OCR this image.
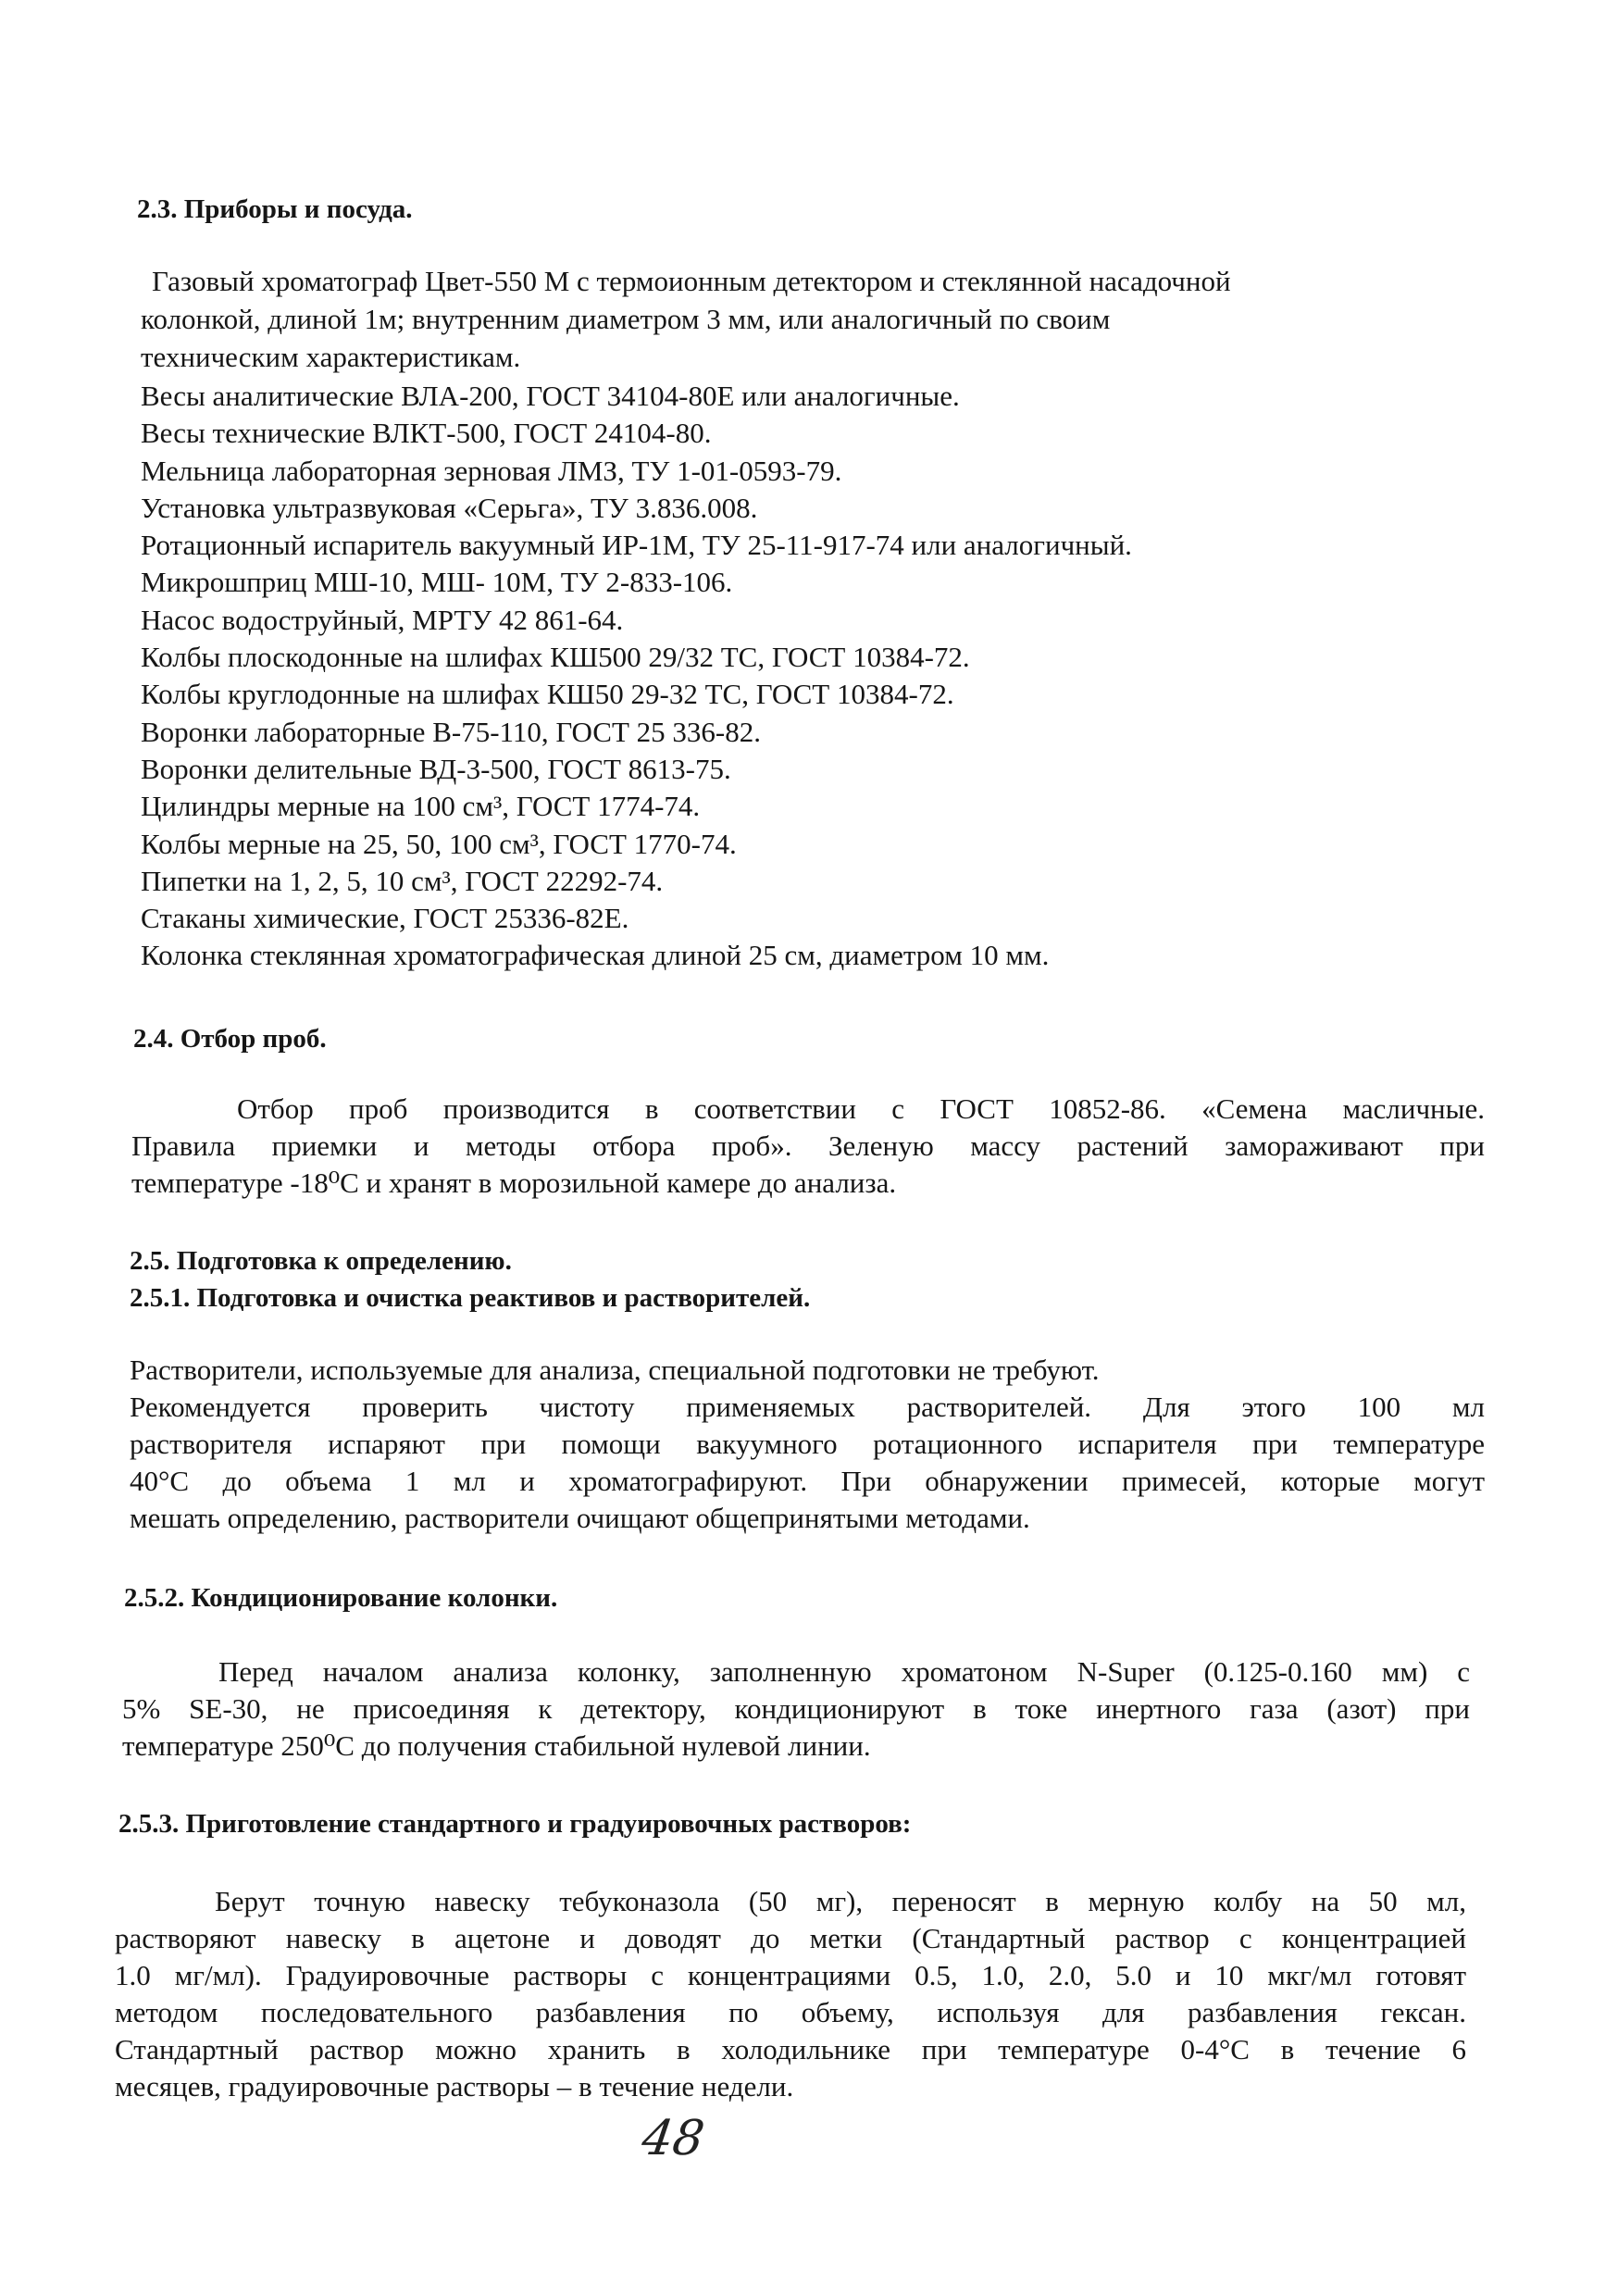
2.3. Приборы и посуда.
Газовый хроматограф Цвет-550 М с термоионным детектором и стеклянной насадочной
колонкой, длиной 1м; внутренним диаметром 3 мм, или аналогичный по своим
техническим характеристикам.
Весы аналитические ВЛА-200, ГОСТ 34104-80Е или аналогичные.
Весы технические ВЛКТ-500, ГОСТ 24104-80.
Мельница лабораторная зерновая ЛМЗ, ТУ 1-01-0593-79.
Установка ультразвуковая «Серьга», ТУ 3.836.008.
Ротационный испаритель вакуумный ИР-1М, ТУ 25-11-917-74 или аналогичный.
Микрошприц МШ-10, МШ- 10М, ТУ 2-833-106.
Насос водоструйный, МРТУ 42 861-64.
Колбы плоскодонные на шлифах КШ500 29/32 ТС, ГОСТ 10384-72.
Колбы круглодонные на шлифах КШ50 29-32 ТС, ГОСТ 10384-72.
Воронки лабораторные В-75-110, ГОСТ 25 336-82.
Воронки делительные ВД-3-500, ГОСТ 8613-75.
Цилиндры мерные на 100 см³, ГОСТ 1774-74.
Колбы мерные на 25, 50, 100 см³, ГОСТ 1770-74.
Пипетки на 1, 2, 5, 10 см³, ГОСТ 22292-74.
Стаканы химические, ГОСТ 25336-82Е.
Колонка стеклянная хроматографическая длиной 25 см, диаметром 10 мм.
2.4. Отбор проб.
Отбор проб производится в соответствии с ГОСТ 10852-86. «Семена масличные.
Правила приемки и методы отбора проб». Зеленую массу растений замораживают при
температуре -18⁰С и хранят в морозильной камере до анализа.
2.5. Подготовка к определению.
2.5.1. Подготовка и очистка реактивов и растворителей.
Растворители, используемые для анализа, специальной подготовки не требуют.
Рекомендуется проверить чистоту применяемых растворителей. Для этого 100 мл
растворителя испаряют при помощи вакуумного ротационного испарителя при температуре
40°С до объема 1 мл и хроматографируют. При обнаружении примесей, которые могут
мешать определению, растворители очищают общепринятыми методами.
2.5.2. Кондиционирование колонки.
Перед началом анализа колонку, заполненную хроматоном N-Super (0.125-0.160 мм) с
5% SE-30, не присоединяя к детектору, кондиционируют в токе инертного газа (азот) при
температуре 250⁰С до получения стабильной нулевой линии.
2.5.3. Приготовление стандартного и градуировочных растворов:
Берут точную навеску тебуконазола (50 мг), переносят в мерную колбу на 50 мл,
растворяют навеску в ацетоне и доводят до метки (Стандартный раствор с концентрацией
1.0 мг/мл). Градуировочные растворы с концентрациями 0.5, 1.0, 2.0, 5.0 и 10 мкг/мл готовят
методом последовательного разбавления по объему, используя для разбавления гексан.
Стандартный раствор можно хранить в холодильнике при температуре 0-4°С в течение 6
месяцев, градуировочные растворы – в течение недели.
48
